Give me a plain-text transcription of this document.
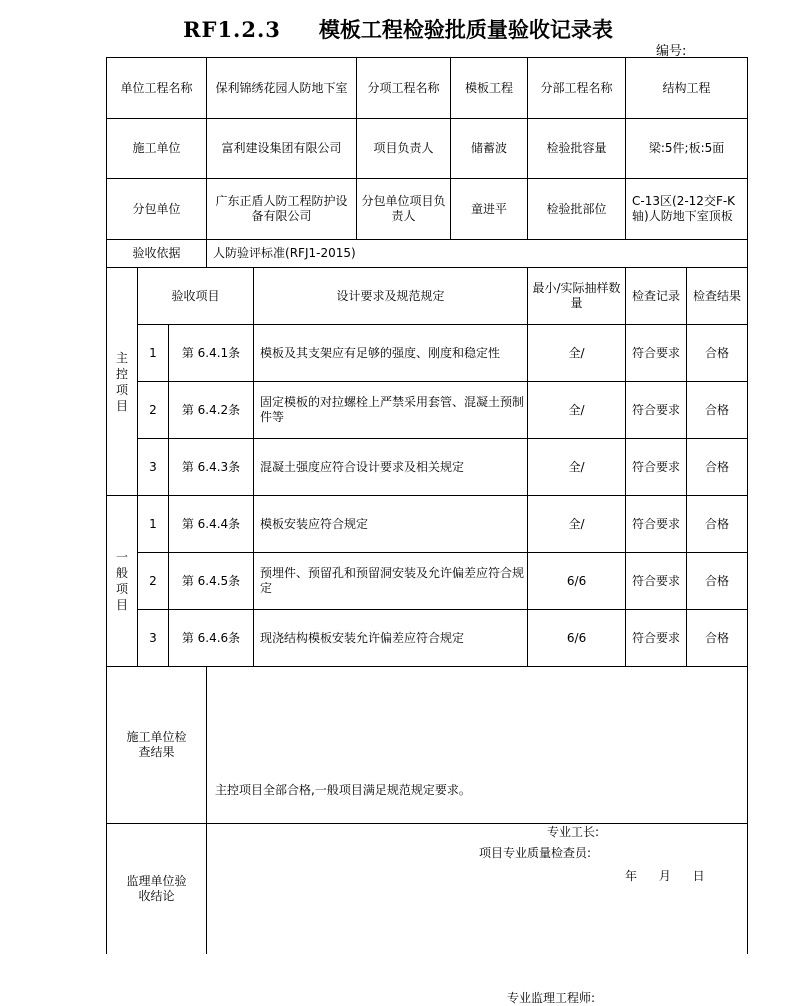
RF1.2.3 模板工程检验批质量验收记录表
编号:
单位工程名称			保利锦绣花园人防地下室		分项工程名称	模板工程	分部工程名称	结构工程	
施工单位			富利建设集团有限公司		项目负责人	储蓄波	检验批容量	梁:5件;板:5面	
分包单位			广东正盾人防工程防护设备有限公司		分包单位项目负责人	童进平	检验批部位	C-13区(2-12交F-K轴)人防地下室顶板	
验收依据			人防验评标准(RFJ1-2015)						
主控项目	验收项目			设计要求及规范规定			最小/实际抽样数量	检查记录	检查结果
	1	第 6.4.1条		模板及其支架应有足够的强度、刚度和稳定性			全/	符合要求	合格
	2	第 6.4.2条		固定模板的对拉螺栓上严禁采用套管、混凝土预制件等			全/	符合要求	合格
	3	第 6.4.3条		混凝土强度应符合设计要求及相关规定			全/	符合要求	合格
一般项目	1	第 6.4.4条		模板安装应符合规定			全/	符合要求	合格
	2	第 6.4.5条		预埋件、预留孔和预留洞安装及允许偏差应符合规定			6/6	符合要求	合格
	3	第 6.4.6条		现浇结构模板安装允许偏差应符合规定			6/6	符合要求	合格
施工单位检查结果			主控项目全部合格,一般项目满足规范规定要求。
专业工长:
项目专业质量检查员:
年 月 日						

监理单位验收结论			专业监理工程师:						
